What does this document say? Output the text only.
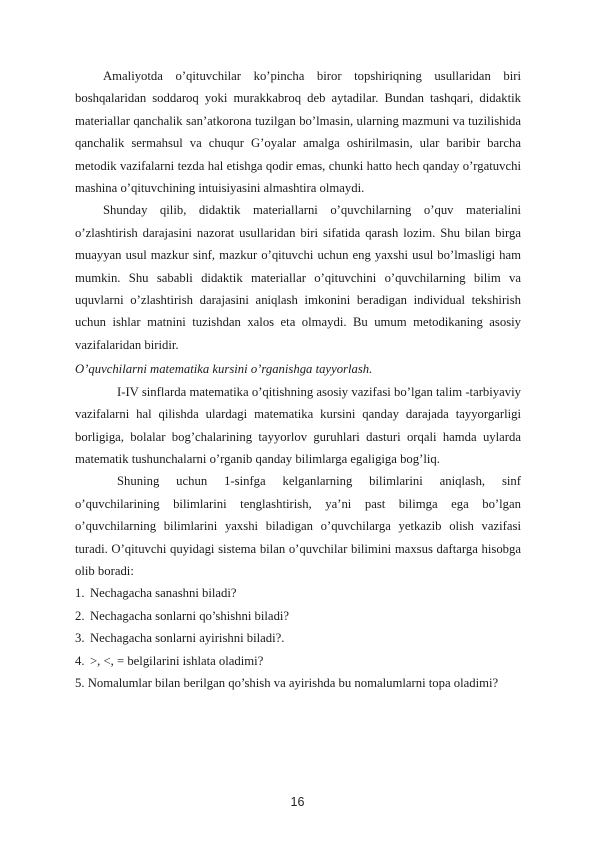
Amaliyotda o’qituvchilar ko’pincha biror topshiriqning usullaridan biri boshqalaridan soddaroq yoki murakkabroq deb aytadilar. Bundan tashqari, didaktik materiallar qanchalik san’atkorona tuzilgan bo’lmasin, ularning mazmuni va tuzilishida qanchalik sermahsul va chuqur G’oyalar amalga oshirilmasin, ular baribir barcha metodik vazifalarni tezda hal etishga qodir emas, chunki hatto hech qanday o’rgatuvchi mashina o’qituvchining intuisiyasini almashtira olmaydi.

Shunday qilib, didaktik materiallarni o’quvchilarning o’quv materialini o’zlashtirish darajasini nazorat usullaridan biri sifatida qarash lozim. Shu bilan birga muayyan usul mazkur sinf, mazkur o’qituvchi uchun eng yaxshi usul bo’lmasligi ham mumkin. Shu sababli didaktik materiallar o’qituvchini o’quvchilarning bilim va uquvlarni o’zlashtirish darajasini aniqlash imkonini beradigan individual tekshirish uchun ishlar matnini tuzishdan xalos eta olmaydi. Bu umum metodikaning asosiy vazifalaridan biridir.

O’quvchilarni matematika kursini o’rganishga tayyorlash.

I-IV sinflarda matematika o’qitishning asosiy vazifasi bo’lgan talim -tarbiyaviy vazifalarni hal qilishda ulardagi matematika kursini qanday darajada tayyorgarligi borligiga, bolalar bog’chalarining tayyorlov guruhlari dasturi orqali hamda uylarda matematik tushunchalarni o’rganib qanday bilimlarga egaligiga bog’liq.

Shuning uchun 1-sinfga kelganlarning bilimlarini aniqlash, sinf o’quvchilarining bilimlarini tenglashtirish, ya’ni past bilimga ega bo’lgan o’quvchilarning bilimlarini yaxshi biladigan o’quvchilarga yetkazib olish vazifasi turadi. O’qituvchi quyidagi sistema bilan o’quvchilar bilimini maxsus daftarga hisobga olib boradi:

1. Nechagacha sanashni biladi?
2. Nechagacha sonlarni qo’shishni biladi?
3. Nechagacha sonlarni ayirishni biladi?.
4. >, <, = belgilarini ishlata oladimi?

5. Nomalumlar bilan berilgan qo’shish va ayirishda bu nomalumlarni topa oladimi?

16
